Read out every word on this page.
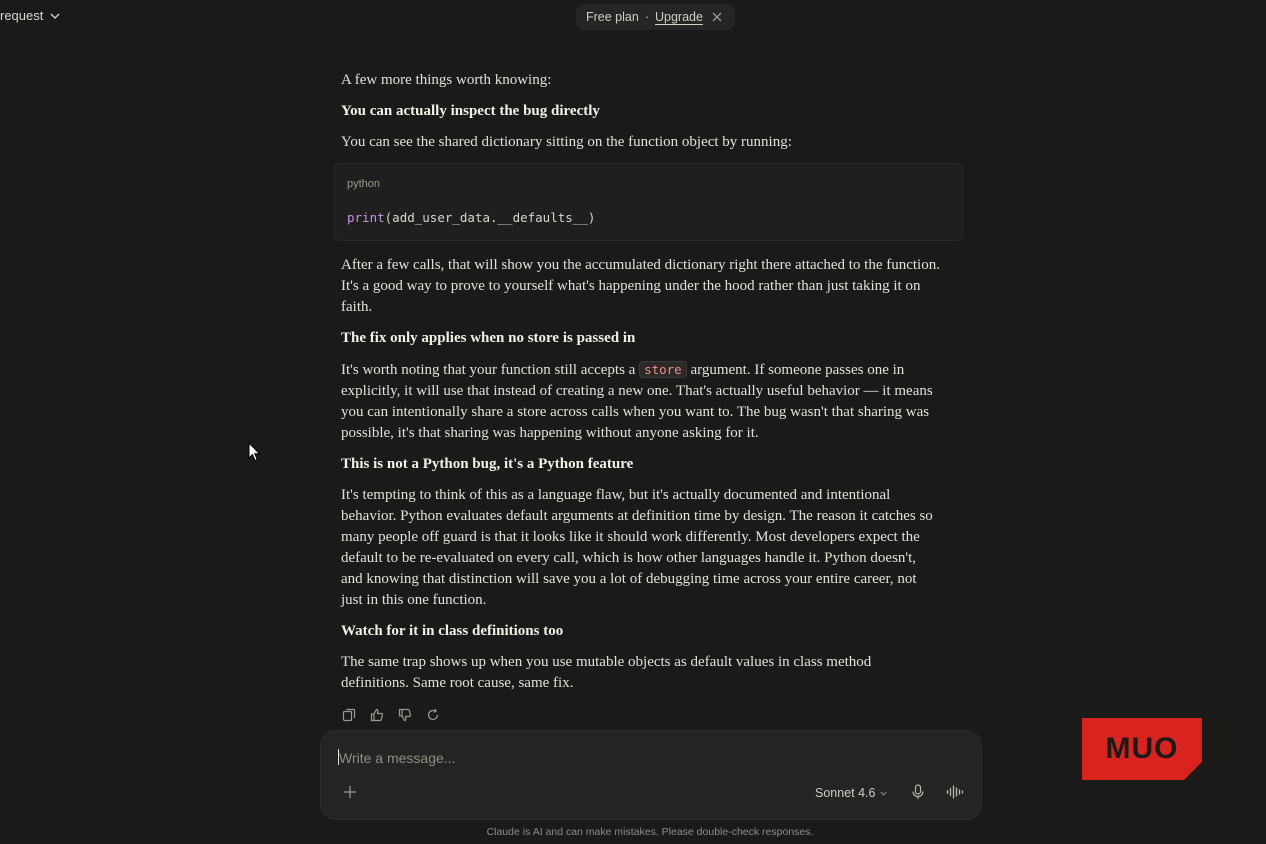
request	Free plan · Upgrade

A few more things worth knowing:

You can actually inspect the bug directly

You can see the shared dictionary sitting on the function object by running:

python
print(add_user_data.__defaults__)

After a few calls, that will show you the accumulated dictionary right there attached to the function. It's a good way to prove to yourself what's happening under the hood rather than just taking it on faith.

The fix only applies when no store is passed in

It's worth noting that your function still accepts a store argument. If someone passes one in explicitly, it will use that instead of creating a new one. That's actually useful behavior — it means you can intentionally share a store across calls when you want to. The bug wasn't that sharing was possible, it's that sharing was happening without anyone asking for it.

This is not a Python bug, it's a Python feature

It's tempting to think of this as a language flaw, but it's actually documented and intentional behavior. Python evaluates default arguments at definition time by design. The reason it catches so many people off guard is that it looks like it should work differently. Most developers expect the default to be re-evaluated on every call, which is how other languages handle it. Python doesn't, and knowing that distinction will save you a lot of debugging time across your entire career, not just in this one function.

Watch for it in class definitions too

The same trap shows up when you use mutable objects as default values in class method definitions. Same root cause, same fix.

Write a message...
Sonnet 4.6
Claude is AI and can make mistakes. Please double-check responses.
MUO
